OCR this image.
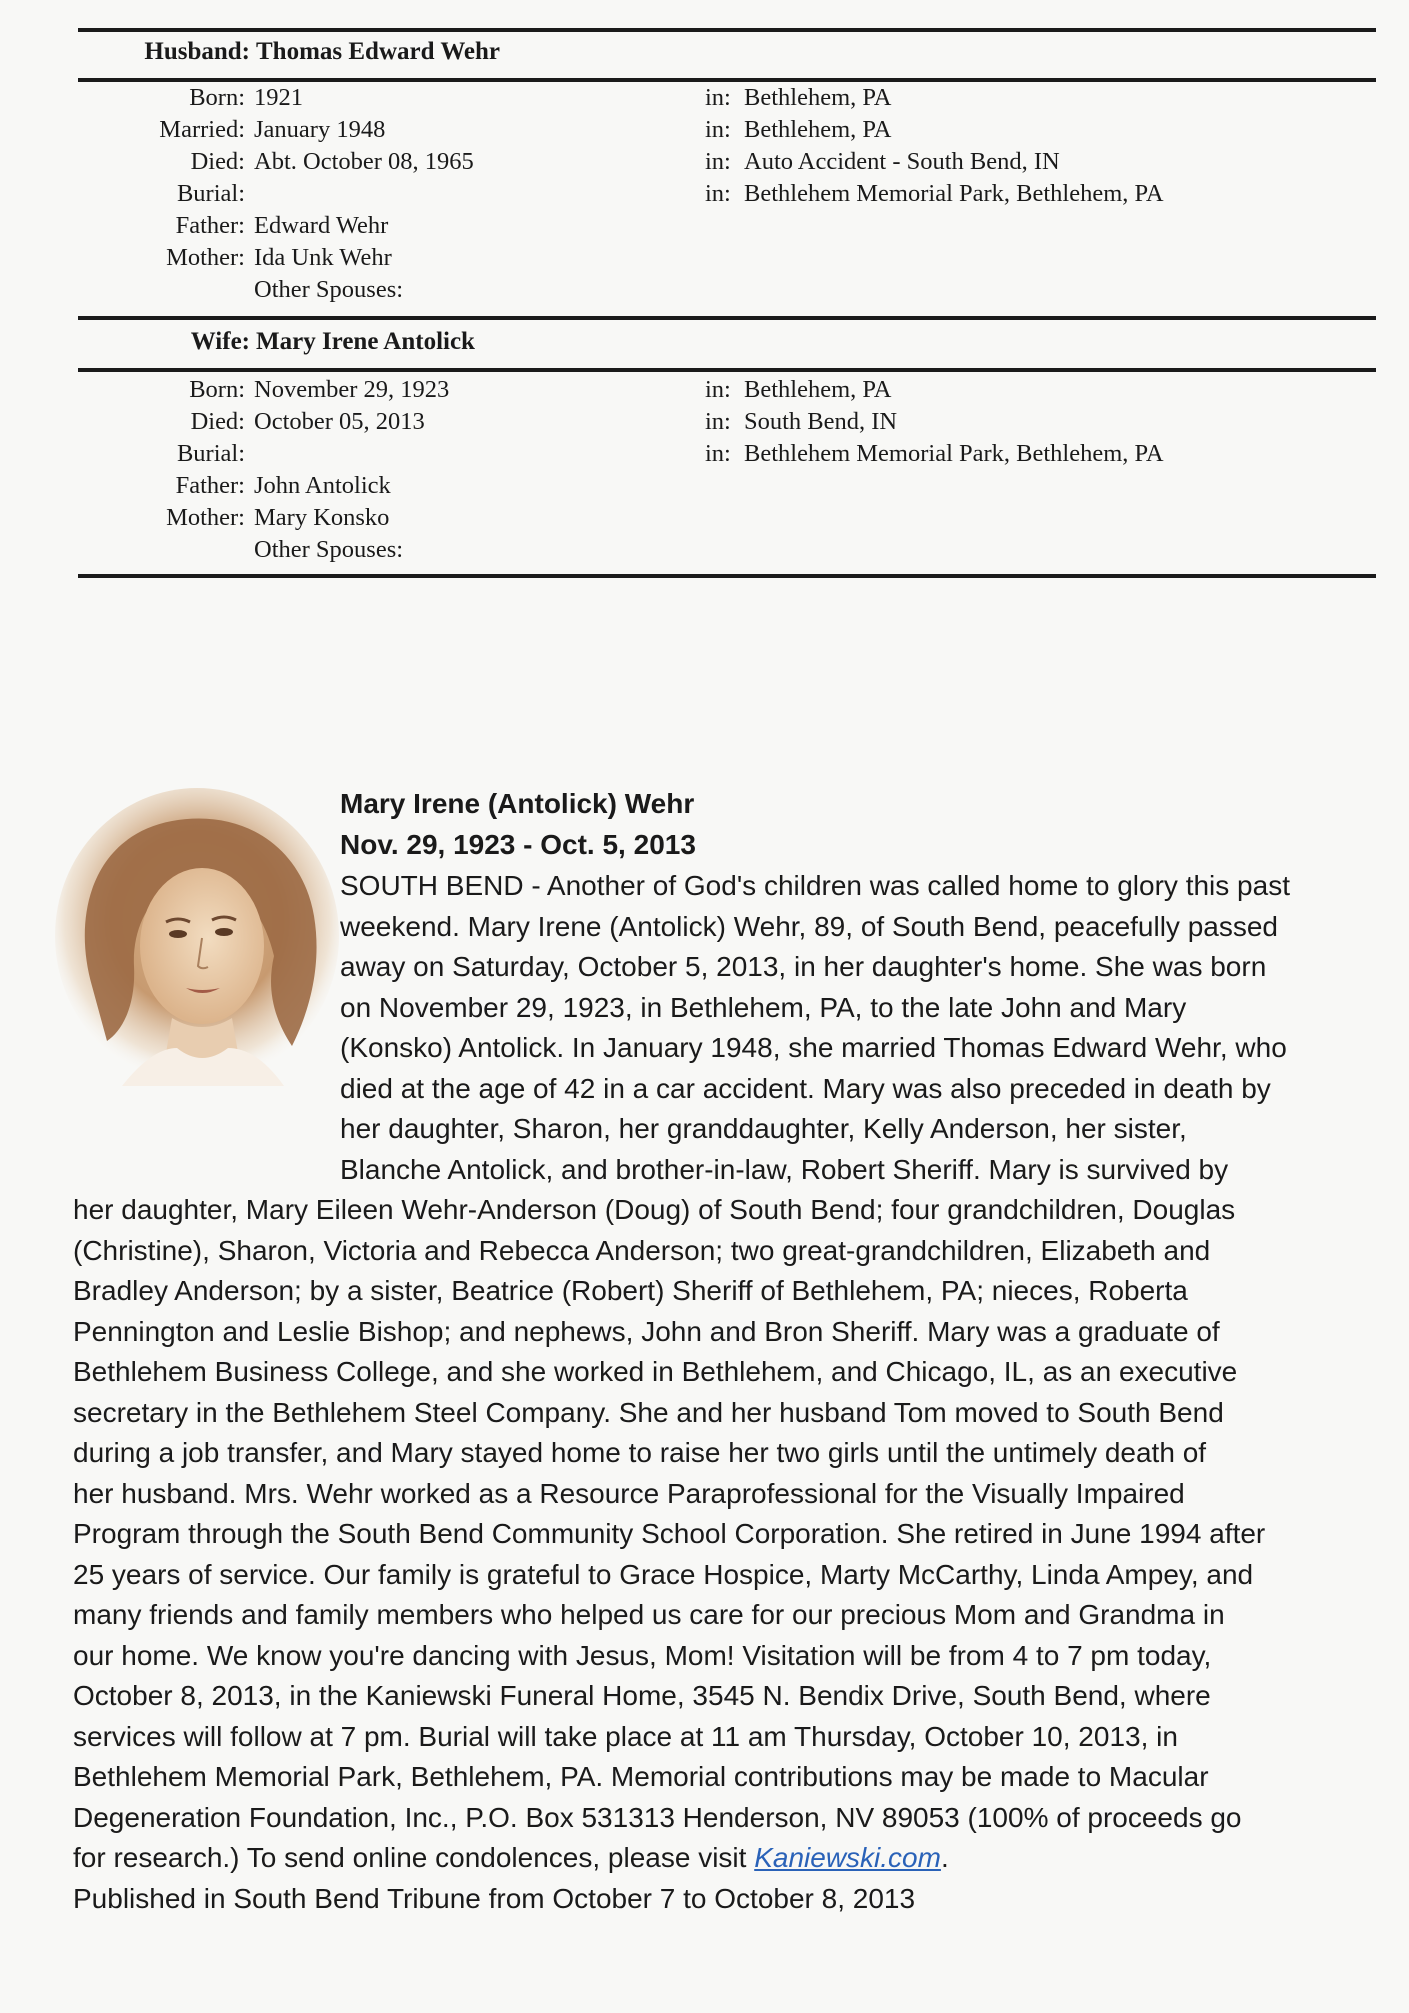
Husband: Thomas Edward Wehr
Born: 1921	in: Bethlehem, PA
Married: January 1948	in: Bethlehem, PA
Died: Abt. October 08, 1965	in: Auto Accident - South Bend, IN
Burial:	in: Bethlehem Memorial Park, Bethlehem, PA
Father: Edward Wehr
Mother: Ida Unk Wehr
Other Spouses:
Wife: Mary Irene Antolick
Born: November 29, 1923	in: Bethlehem, PA
Died: October 05, 2013	in: South Bend, IN
Burial:	in: Bethlehem Memorial Park, Bethlehem, PA
Father: John Antolick
Mother: Mary Konsko
Other Spouses:
Mary Irene (Antolick) Wehr
Nov. 29, 1923 - Oct. 5, 2013
SOUTH BEND - Another of God's children was called home to glory this past
weekend. Mary Irene (Antolick) Wehr, 89, of South Bend, peacefully passed
away on Saturday, October 5, 2013, in her daughter's home. She was born
on November 29, 1923, in Bethlehem, PA, to the late John and Mary
(Konsko) Antolick. In January 1948, she married Thomas Edward Wehr, who
died at the age of 42 in a car accident. Mary was also preceded in death by
her daughter, Sharon, her granddaughter, Kelly Anderson, her sister,
Blanche Antolick, and brother-in-law, Robert Sheriff. Mary is survived by
her daughter, Mary Eileen Wehr-Anderson (Doug) of South Bend; four grandchildren, Douglas
(Christine), Sharon, Victoria and Rebecca Anderson; two great-grandchildren, Elizabeth and
Bradley Anderson; by a sister, Beatrice (Robert) Sheriff of Bethlehem, PA; nieces, Roberta
Pennington and Leslie Bishop; and nephews, John and Bron Sheriff. Mary was a graduate of
Bethlehem Business College, and she worked in Bethlehem, and Chicago, IL, as an executive
secretary in the Bethlehem Steel Company. She and her husband Tom moved to South Bend
during a job transfer, and Mary stayed home to raise her two girls until the untimely death of
her husband. Mrs. Wehr worked as a Resource Paraprofessional for the Visually Impaired
Program through the South Bend Community School Corporation. She retired in June 1994 after
25 years of service. Our family is grateful to Grace Hospice, Marty McCarthy, Linda Ampey, and
many friends and family members who helped us care for our precious Mom and Grandma in
our home. We know you're dancing with Jesus, Mom! Visitation will be from 4 to 7 pm today,
October 8, 2013, in the Kaniewski Funeral Home, 3545 N. Bendix Drive, South Bend, where
services will follow at 7 pm. Burial will take place at 11 am Thursday, October 10, 2013, in
Bethlehem Memorial Park, Bethlehem, PA. Memorial contributions may be made to Macular
Degeneration Foundation, Inc., P.O. Box 531313 Henderson, NV 89053 (100% of proceeds go
for research.) To send online condolences, please visit Kaniewski.com.
Published in South Bend Tribune from October 7 to October 8, 2013
